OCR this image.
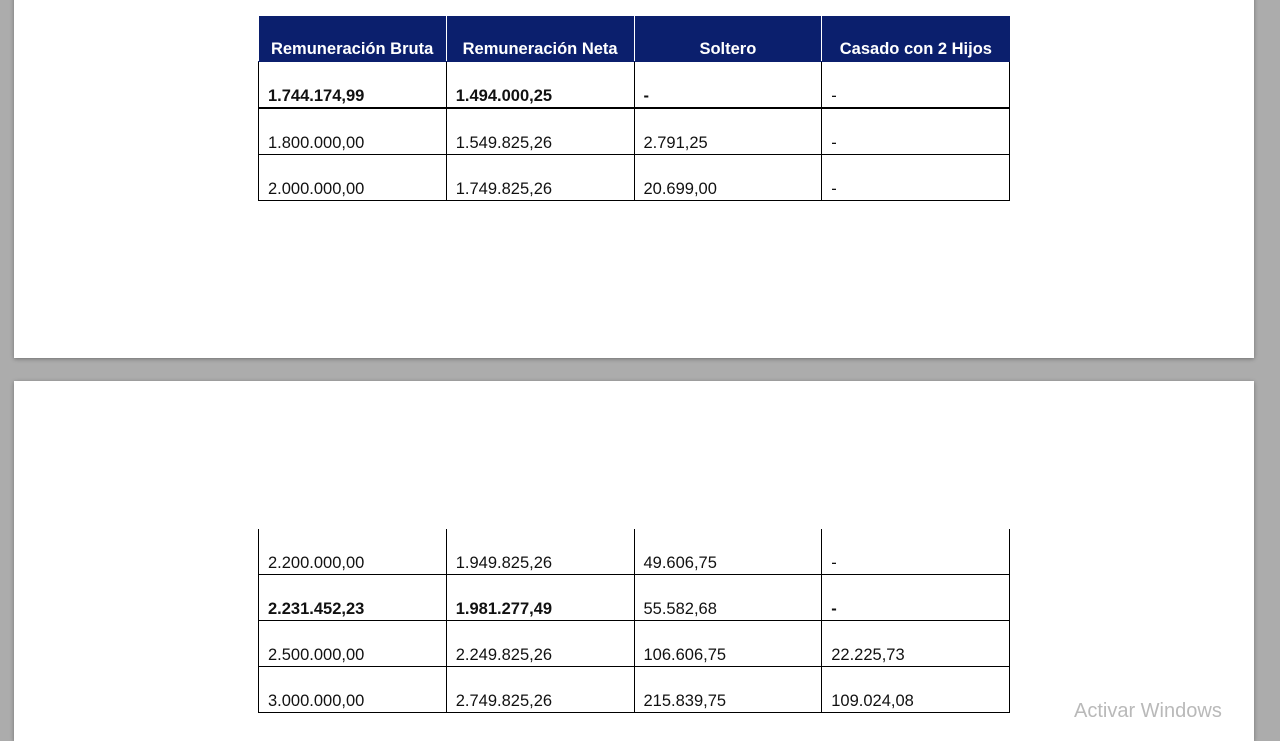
Remuneración Bruta	Remuneración Neta	Soltero	Casado con 2 Hijos
1.744.174,99	1.494.000,25	-	-
1.800.000,00	1.549.825,26	2.791,25	-
2.000.000,00	1.749.825,26	20.699,00	-
2.200.000,00	1.949.825,26	49.606,75	-
2.231.452,23	1.981.277,49	55.582,68	-
2.500.000,00	2.249.825,26	106.606,75	22.225,73
3.000.000,00	2.749.825,26	215.839,75	109.024,08	Activar Windows
